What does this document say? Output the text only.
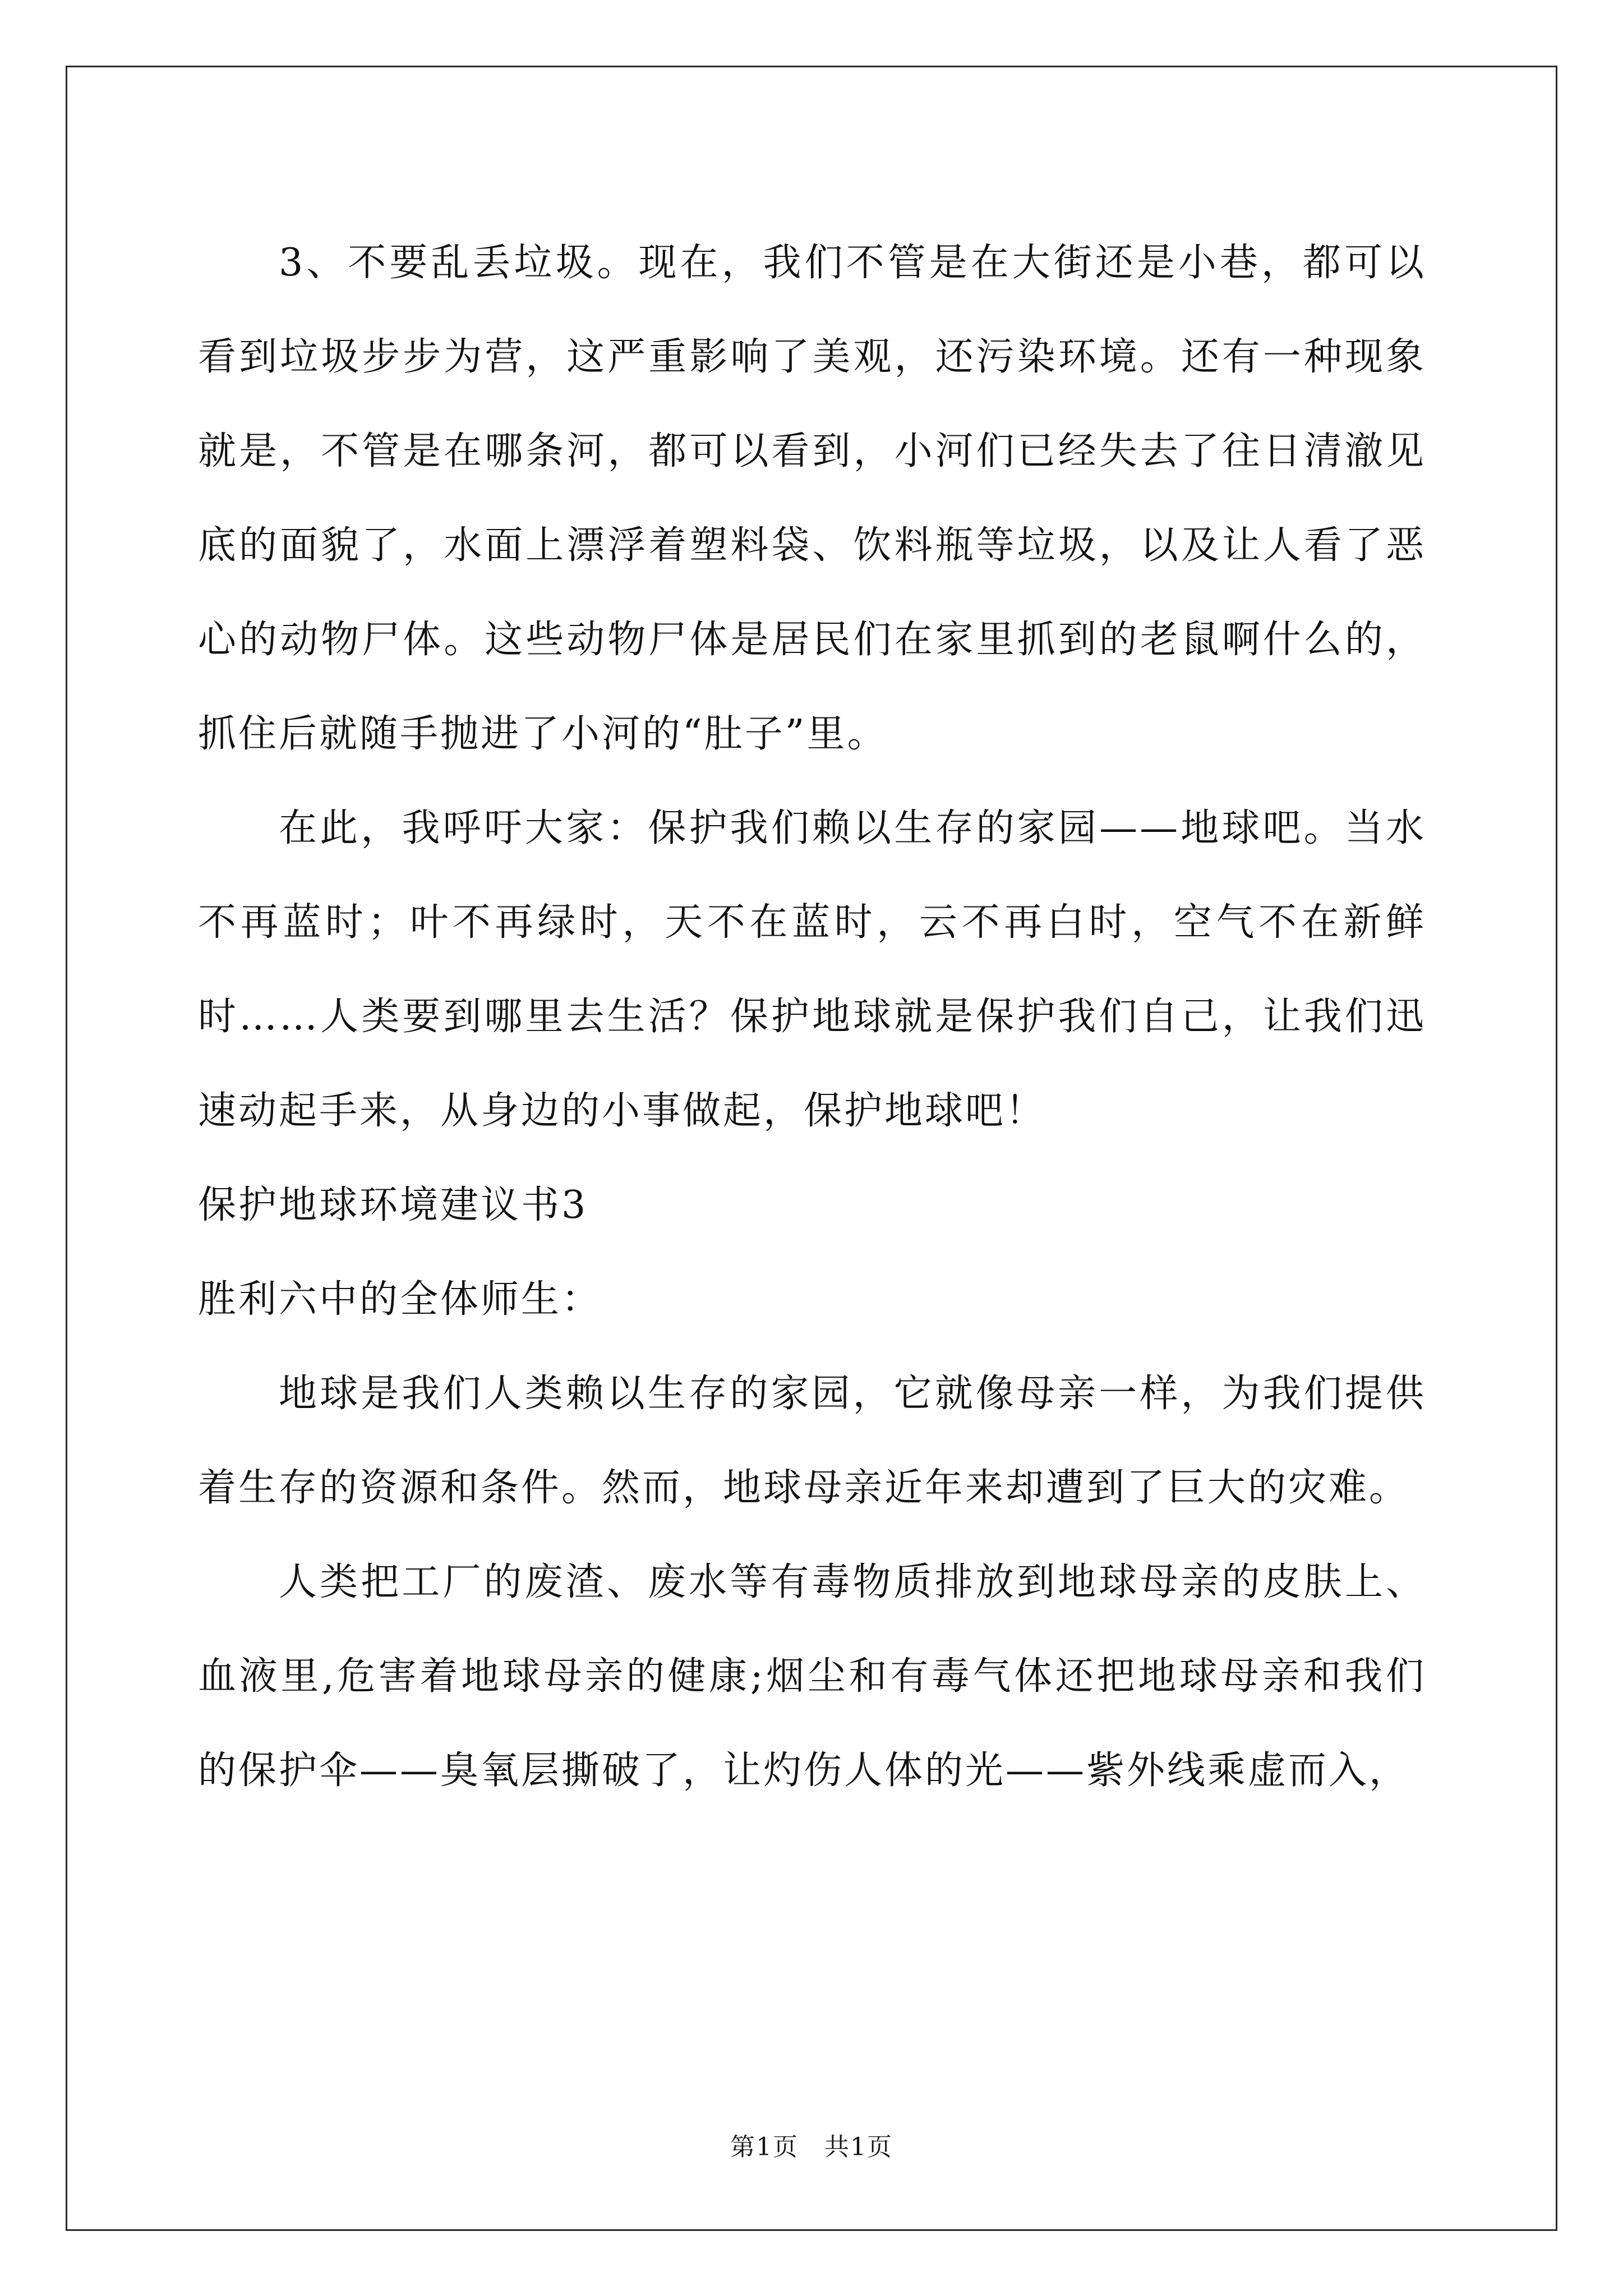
3、不要乱丢垃圾。现在，我们不管是在大街还是小巷，都可以看到垃圾步步为营，这严重影响了美观，还污染环境。还有一种现象就是，不管是在哪条河，都可以看到，小河们已经失去了往日清澈见底的面貌了，水面上漂浮着塑料袋、饮料瓶等垃圾，以及让人看了恶心的动物尸体。这些动物尸体是居民们在家里抓到的老鼠啊什么的，抓住后就随手抛进了小河的“肚子”里。

在此，我呼吁大家：保护我们赖以生存的家园——地球吧。当水不再蓝时；叶不再绿时，天不在蓝时，云不再白时，空气不在新鲜时……人类要到哪里去生活？保护地球就是保护我们自己，让我们迅速动起手来，从身边的小事做起，保护地球吧！

保护地球环境建议书3

胜利六中的全体师生：

地球是我们人类赖以生存的家园，它就像母亲一样，为我们提供着生存的资源和条件。然而，地球母亲近年来却遭到了巨大的灾难。

人类把工厂的废渣、废水等有毒物质排放到地球母亲的皮肤上、血液里,危害着地球母亲的健康;烟尘和有毒气体还把地球母亲和我们的保护伞——臭氧层撕破了，让灼伤人体的光——紫外线乘虚而入，

第1页　共1页
